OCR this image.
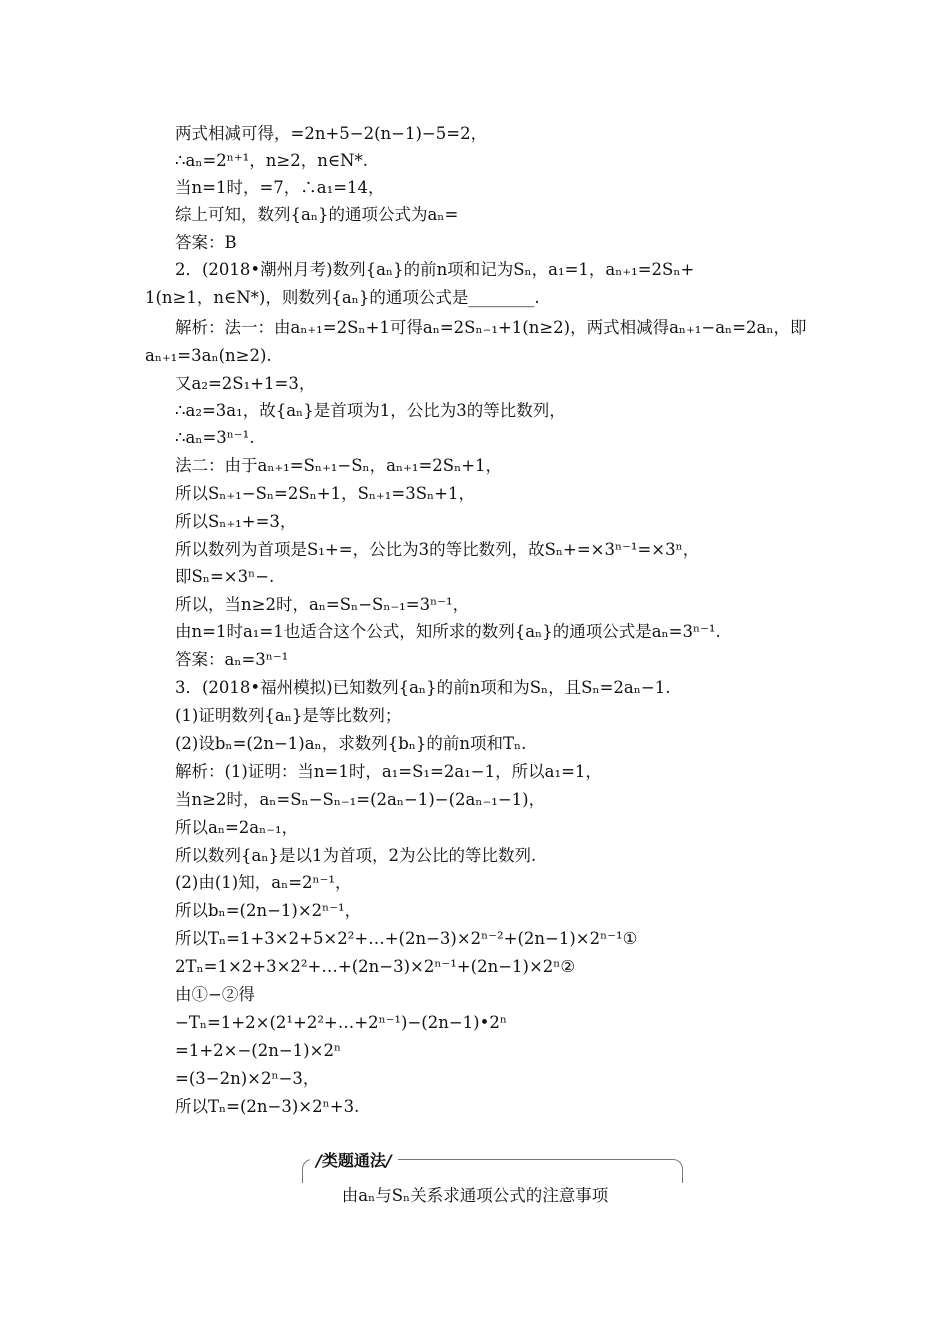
两式相减可得，=2n+5−2(n−1)−5=2，
∴aₙ=2ⁿ⁺¹，n≥2，n∈N*.
当n=1时，=7，∴a₁=14，
综上可知，数列{aₙ}的通项公式为aₙ=
答案：B
2．(2018•潮州月考)数列{aₙ}的前n项和记为Sₙ，a₁=1，aₙ₊₁=2Sₙ+
1(n≥1，n∈N*)，则数列{aₙ}的通项公式是________.
解析：法一：由aₙ₊₁=2Sₙ+1可得aₙ=2Sₙ₋₁+1(n≥2)，两式相减得aₙ₊₁−aₙ=2aₙ，即
aₙ₊₁=3aₙ(n≥2).
又a₂=2S₁+1=3，
∴a₂=3a₁，故{aₙ}是首项为1，公比为3的等比数列，
∴aₙ=3ⁿ⁻¹.
法二：由于aₙ₊₁=Sₙ₊₁−Sₙ，aₙ₊₁=2Sₙ+1，
所以Sₙ₊₁−Sₙ=2Sₙ+1，Sₙ₊₁=3Sₙ+1，
所以Sₙ₊₁+=3，
所以数列为首项是S₁+=，公比为3的等比数列，故Sₙ+=×3ⁿ⁻¹=×3ⁿ，
即Sₙ=×3ⁿ−.
所以，当n≥2时，aₙ=Sₙ−Sₙ₋₁=3ⁿ⁻¹，
由n=1时a₁=1也适合这个公式，知所求的数列{aₙ}的通项公式是aₙ=3ⁿ⁻¹.
答案：aₙ=3ⁿ⁻¹
3．(2018•福州模拟)已知数列{aₙ}的前n项和为Sₙ，且Sₙ=2aₙ−1.
(1)证明数列{aₙ}是等比数列；
(2)设bₙ=(2n−1)aₙ，求数列{bₙ}的前n项和Tₙ.
解析：(1)证明：当n=1时，a₁=S₁=2a₁−1，所以a₁=1，
当n≥2时，aₙ=Sₙ−Sₙ₋₁=(2aₙ−1)−(2aₙ₋₁−1)，
所以aₙ=2aₙ₋₁，
所以数列{aₙ}是以1为首项，2为公比的等比数列.
(2)由(1)知，aₙ=2ⁿ⁻¹，
所以bₙ=(2n−1)×2ⁿ⁻¹，
所以Tₙ=1+3×2+5×2²+…+(2n−3)×2ⁿ⁻²+(2n−1)×2ⁿ⁻¹①
2Tₙ=1×2+3×2²+…+(2n−3)×2ⁿ⁻¹+(2n−1)×2ⁿ②
由①−②得
−Tₙ=1+2×(2¹+2²+…+2ⁿ⁻¹)−(2n−1)•2ⁿ
=1+2×−(2n−1)×2ⁿ
=(3−2n)×2ⁿ−3，
所以Tₙ=(2n−3)×2ⁿ+3.
/类题通法/
由aₙ与Sₙ关系求通项公式的注意事项
